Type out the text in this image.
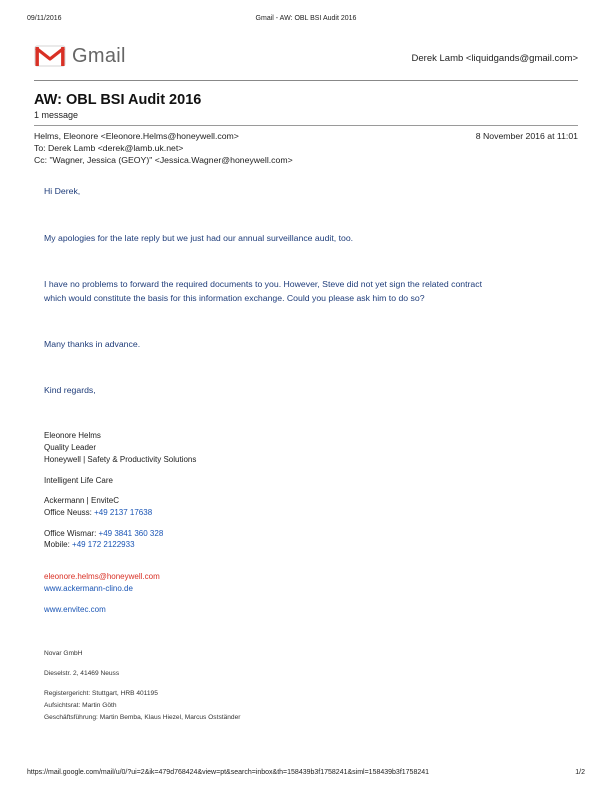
09/11/2016	Gmail - AW: OBL BSI Audit 2016
Gmail	Derek Lamb <liquidgands@gmail.com>
AW: OBL BSI Audit 2016
1 message
Helms, Eleonore <Eleonore.Helms@honeywell.com>	8 November 2016 at 11:01
To: Derek Lamb <derek@lamb.uk.net>
Cc: "Wagner, Jessica (GEOY)" <Jessica.Wagner@honeywell.com>
Hi Derek,
My apologies for the late reply but we just had our annual surveillance audit, too.
I have no problems to forward the required documents to you. However, Steve did not yet sign the related contract
which would constitute the basis for this information exchange. Could you please ask him to do so?
Many thanks in advance.
Kind regards,
Eleonore Helms
Quality Leader
Honeywell | Safety & Productivity Solutions
Intelligent Life Care
Ackermann | EnviteC
Office Neuss: +49 2137 17638
Office Wismar: +49 3841 360 328
Mobile: +49 172 2122933
eleonore.helms@honeywell.com
www.ackermann-clino.de
www.envitec.com
Novar GmbH
Dieselstr. 2, 41469 Neuss
Registergericht: Stuttgart, HRB 401195
Aufsichtsrat: Martin Göth
Geschäftsführung: Martin Bemba, Klaus Hiezel, Marcus Ostständer
https://mail.google.com/mail/u/0/?ui=2&ik=479d768424&view=pt&search=inbox&th=158439b3f1758241&siml=158439b3f1758241	1/2
